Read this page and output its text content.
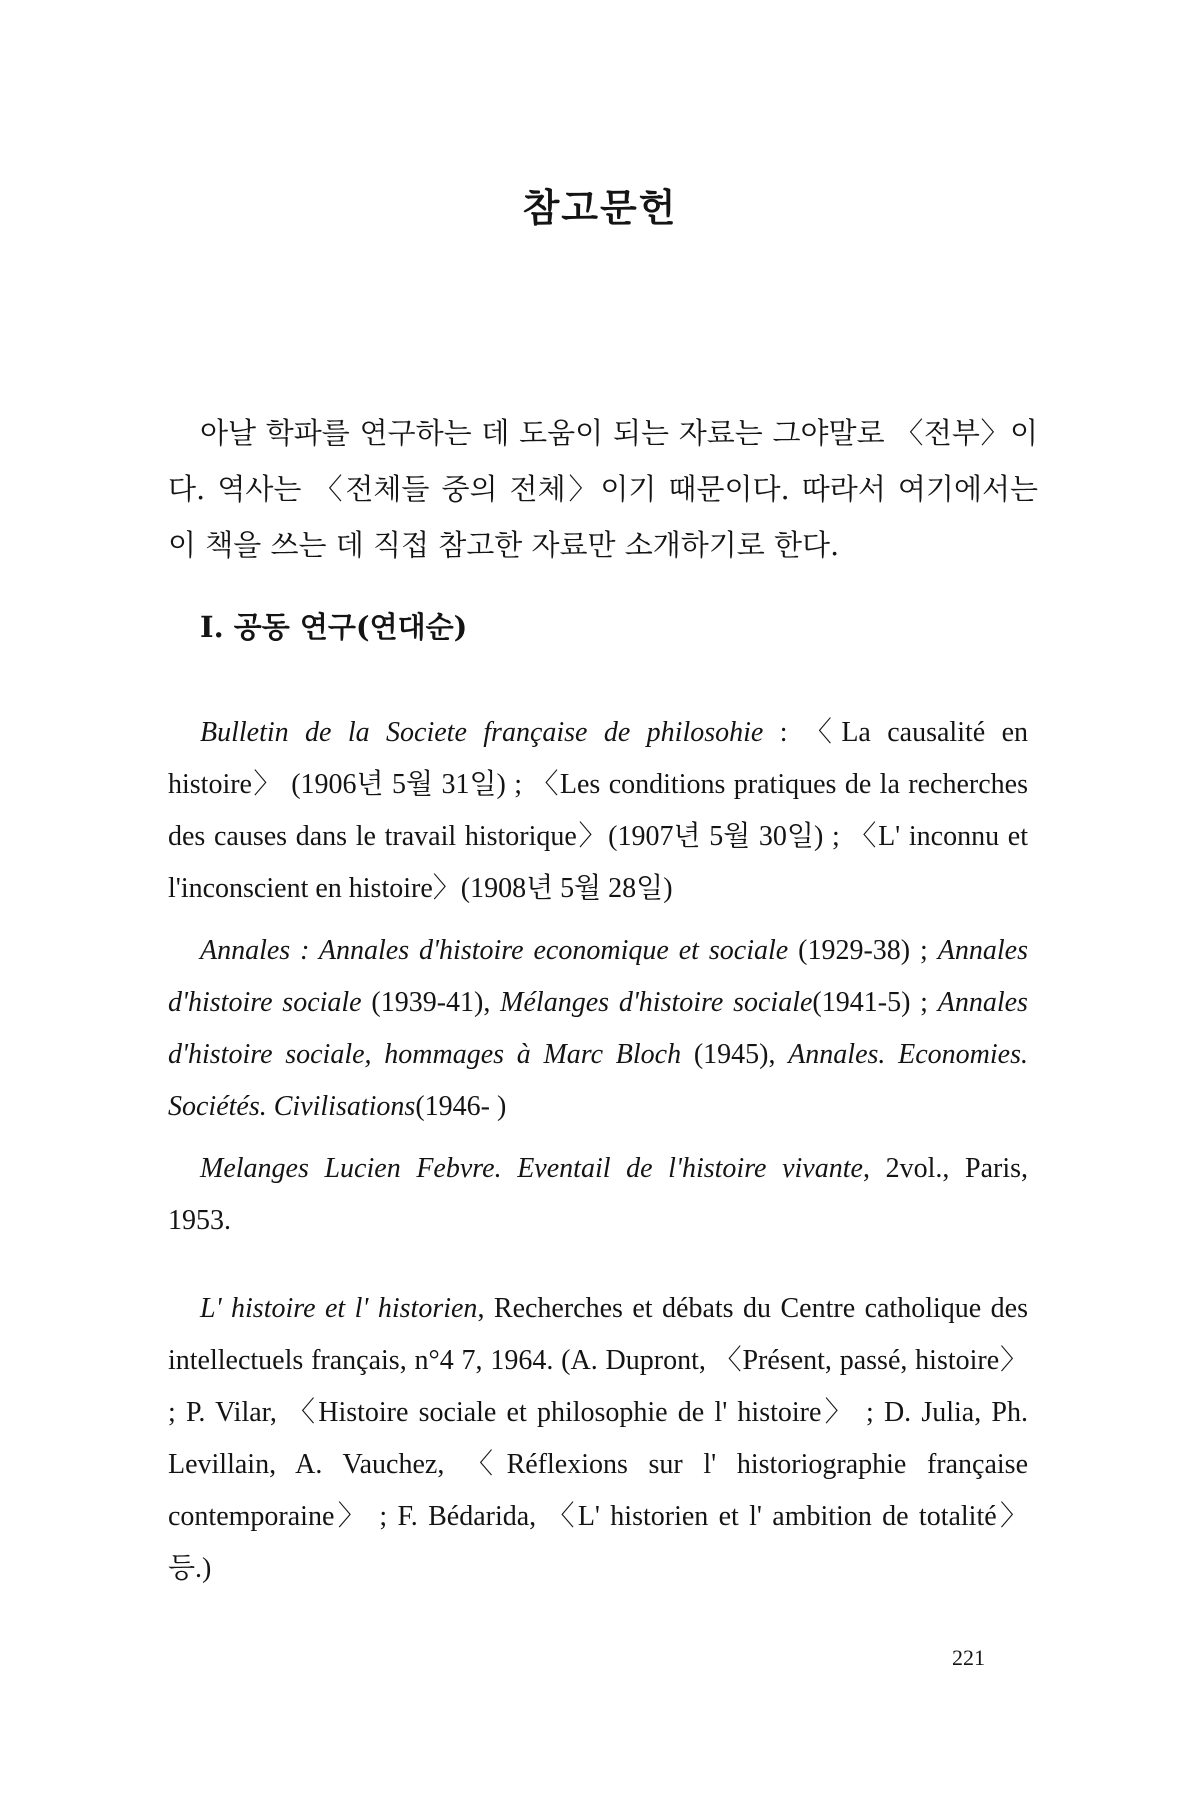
참고문헌

아날 학파를 연구하는 데 도움이 되는 자료는 그야말로 〈전부〉이다. 역사는 〈전체들 중의 전체〉이기 때문이다. 따라서 여기에서는 이 책을 쓰는 데 직접 참고한 자료만 소개하기로 한다.

Ⅰ. 공동 연구(연대순)

Bulletin de la Societe française de philosohie : 〈La causalité en histoire〉 (1906년 5월 31일) ; 〈Les conditions pratiques de la recherches des causes dans le travail historique〉(1907년 5월 30일) ; 〈L' inconnu et l'inconscient en histoire〉(1908년 5월 28일)

Annales : Annales d'histoire economique et sociale (1929-38) ; Annales d'histoire sociale (1939-41), Mélanges d'histoire sociale(1941-5) ; Annales d'histoire sociale, hommages à Marc Bloch (1945), Annales. Economies. Sociétés. Civilisations(1946- )

Melanges Lucien Febvre. Eventail de l'histoire vivante, 2vol., Paris, 1953.

L' histoire et l' historien, Recherches et débats du Centre catholique des intellectuels français, n°4 7, 1964. (A. Dupront, 〈Présent, passé, histoire〉 ; P. Vilar, 〈Histoire sociale et philosophie de l' histoire〉 ; D. Julia, Ph. Levillain, A. Vauchez, 〈Réflexions sur l' historiographie française contemporaine〉 ; F. Bédarida, 〈L' historien et l' ambition de totalité〉 등.)

221
